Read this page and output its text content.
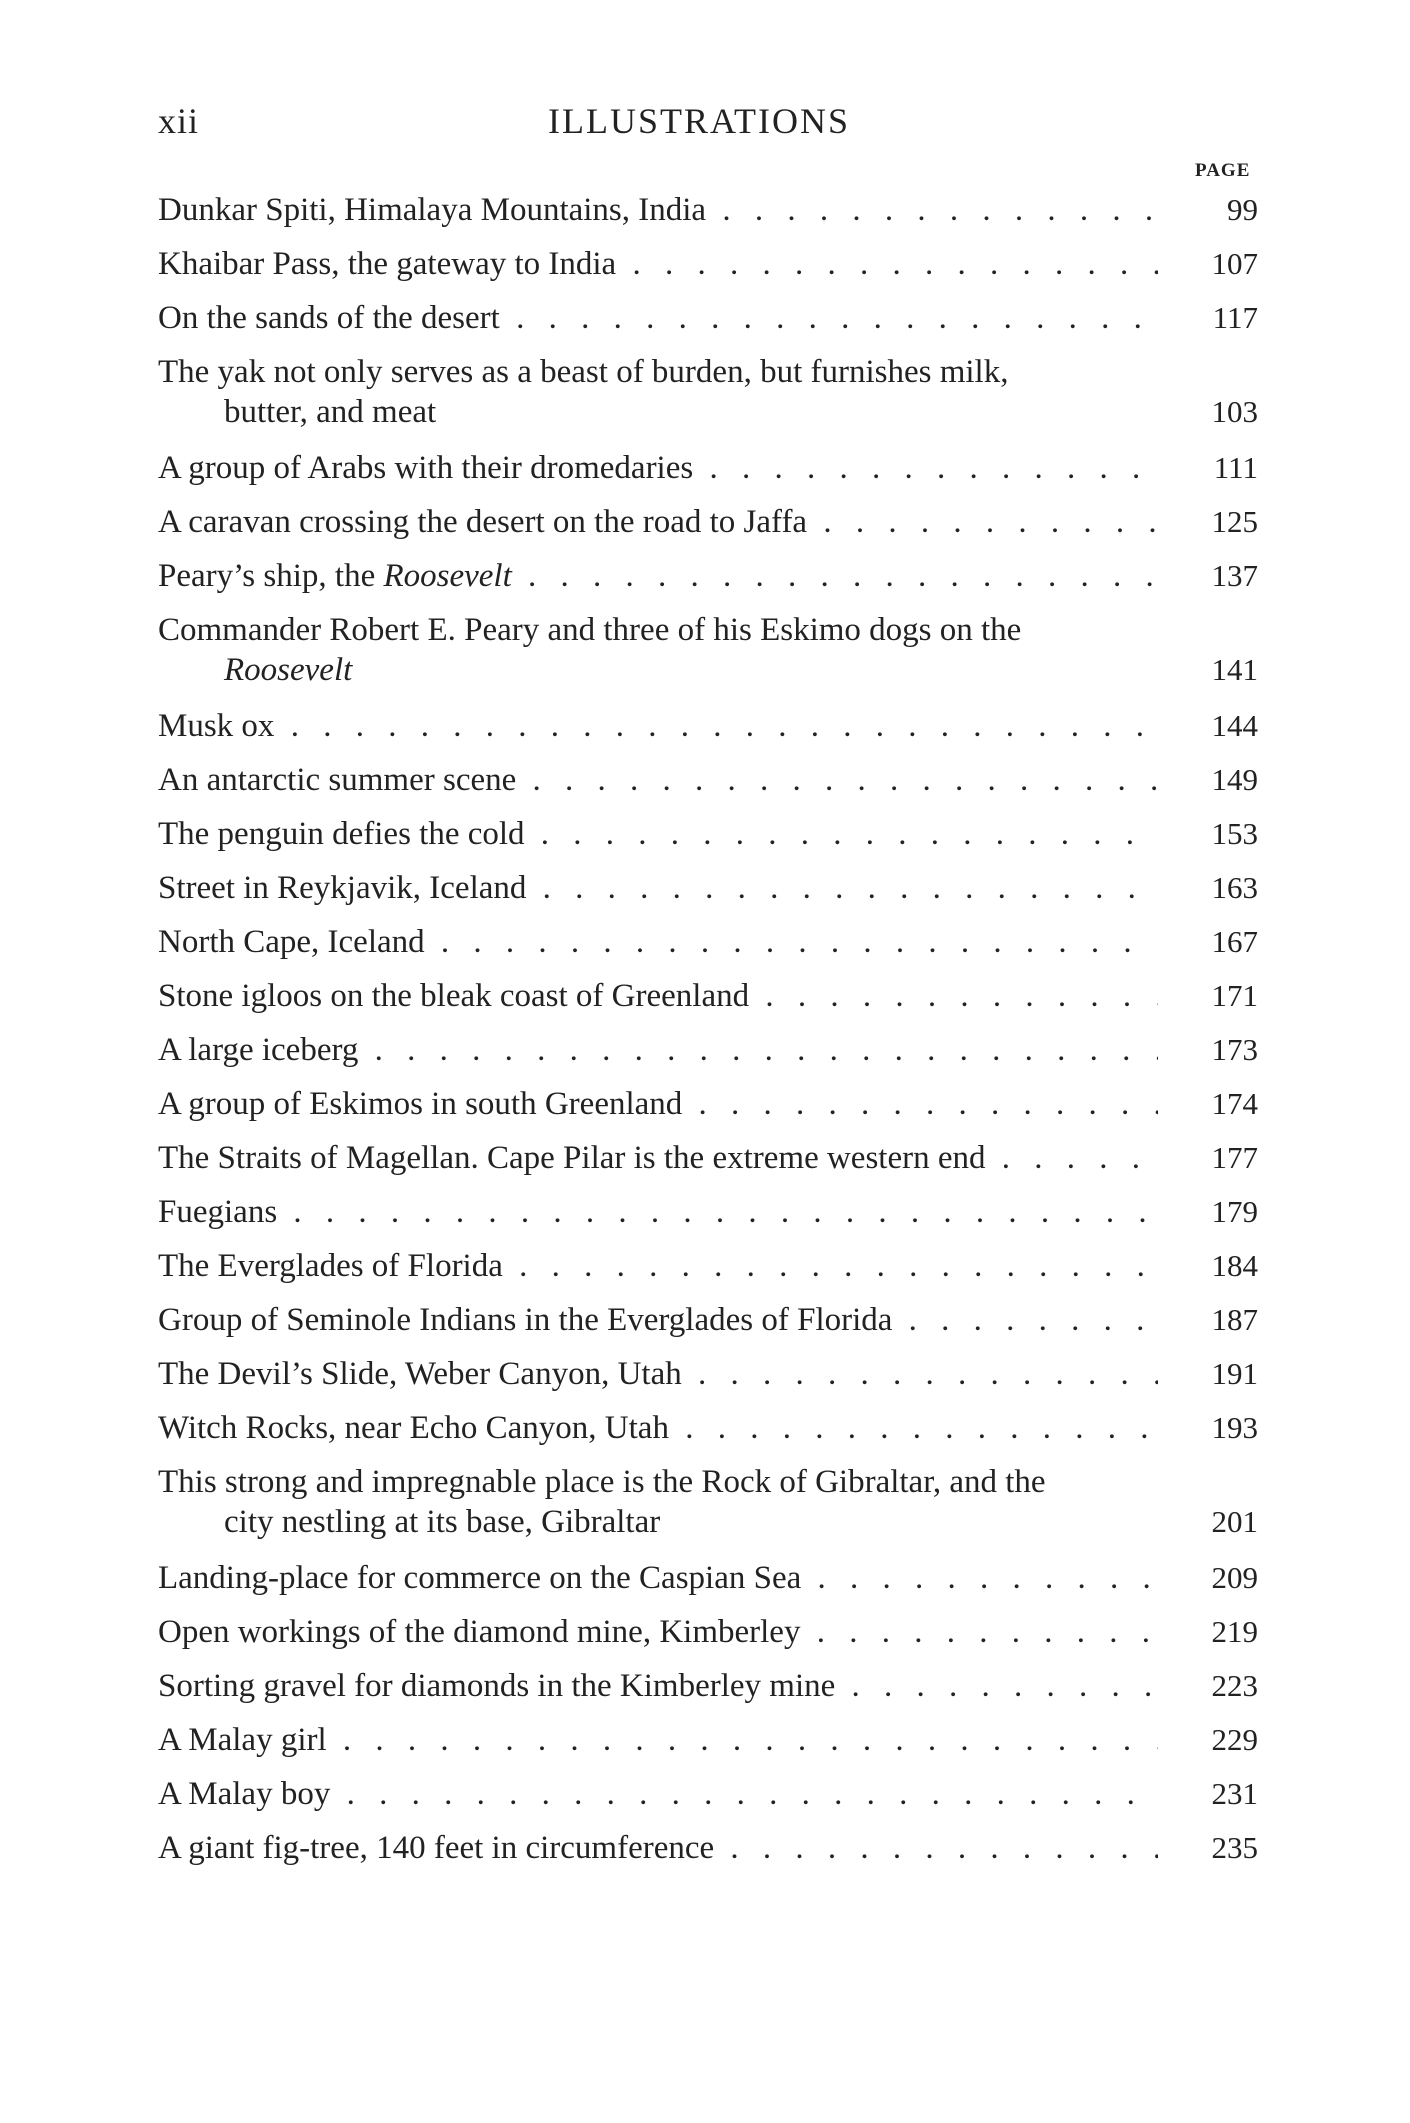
xii	ILLUSTRATIONS
PAGE
Dunkar Spiti, Himalaya Mountains, India . . .	99
Khaibar Pass, the gateway to India . . .	107
On the sands of the desert . . .	117
The yak not only serves as a beast of burden, but furnishes milk,
butter, and meat	103
A group of Arabs with their dromedaries . . .	111
A caravan crossing the desert on the road to Jaffa . . .	125
Peary’s ship, the Roosevelt . . .	137
Commander Robert E. Peary and three of his Eskimo dogs on the
Roosevelt	141
Musk ox . . .	144
An antarctic summer scene . . .	149
The penguin defies the cold . . .	153
Street in Reykjavik, Iceland . . .	163
North Cape, Iceland . . .	167
Stone igloos on the bleak coast of Greenland . . .	171
A large iceberg . . .	173
A group of Eskimos in south Greenland . . .	174
The Straits of Magellan. Cape Pilar is the extreme western end . . .	177
Fuegians . . .	179
The Everglades of Florida . . .	184
Group of Seminole Indians in the Everglades of Florida . . .	187
The Devil’s Slide, Weber Canyon, Utah . . .	191
Witch Rocks, near Echo Canyon, Utah . . .	193
This strong and impregnable place is the Rock of Gibraltar, and the
city nestling at its base, Gibraltar	201
Landing-place for commerce on the Caspian Sea . . .	209
Open workings of the diamond mine, Kimberley . . .	219
Sorting gravel for diamonds in the Kimberley mine . . .	223
A Malay girl . . .	229
A Malay boy . . .	231
A giant fig-tree, 140 feet in circumference . . .	235
